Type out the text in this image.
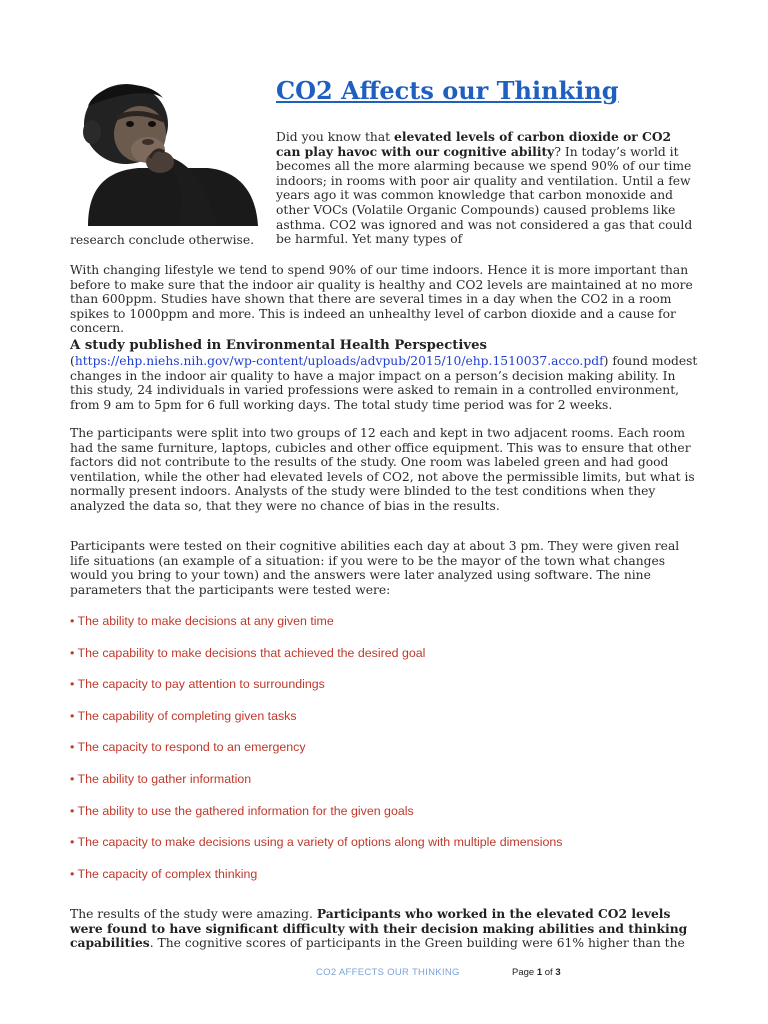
CO2 Affects our Thinking

Did you know that elevated levels of carbon dioxide or CO2 can play havoc with our cognitive ability? In today’s world it becomes all the more alarming because we spend 90% of our time indoors; in rooms with poor air quality and ventilation. Until a few years ago it was common knowledge that carbon monoxide and other VOCs (Volatile Organic Compounds) caused problems like asthma. CO2 was ignored and was not considered a gas that could be harmful. Yet many types of

research conclude otherwise.

With changing lifestyle we tend to spend 90% of our time indoors. Hence it is more important than before to make sure that the indoor air quality is healthy and CO2 levels are maintained at no more than 600ppm. Studies have shown that there are several times in a day when the CO2 in a room spikes to 1000ppm and more. This is indeed an unhealthy level of carbon dioxide and a cause for concern.

A study published in Environmental Health Perspectives

(https://ehp.niehs.nih.gov/wp-content/uploads/advpub/2015/10/ehp.1510037.acco.pdf) found modest changes in the indoor air quality to have a major impact on a person’s decision making ability. In this study, 24 individuals in varied professions were asked to remain in a controlled environment, from 9 am to 5pm for 6 full working days. The total study time period was for 2 weeks.

The participants were split into two groups of 12 each and kept in two adjacent rooms. Each room had the same furniture, laptops, cubicles and other office equipment. This was to ensure that other factors did not contribute to the results of the study. One room was labeled green and had good ventilation, while the other had elevated levels of CO2, not above the permissible limits, but what is normally present indoors. Analysts of the study were blinded to the test conditions when they analyzed the data so, that they were no chance of bias in the results.

Participants were tested on their cognitive abilities each day at about 3 pm. They were given real life situations (an example of a situation: if you were to be the mayor of the town what changes would you bring to your town) and the answers were later analyzed using software. The nine parameters that the participants were tested were:

• The ability to make decisions at any given time
• The capability to make decisions that achieved the desired goal
• The capacity to pay attention to surroundings
• The capability of completing given tasks
• The capacity to respond to an emergency
• The ability to gather information
• The ability to use the gathered information for the given goals
• The capacity to make decisions using a variety of options along with multiple dimensions
• The capacity of complex thinking

The results of the study were amazing. Participants who worked in the elevated CO2 levels were found to have significant difficulty with their decision making abilities and thinking capabilities. The cognitive scores of participants in the Green building were 61% higher than the

CO2 AFFECTS OUR THINKING	Page 1 of 3
